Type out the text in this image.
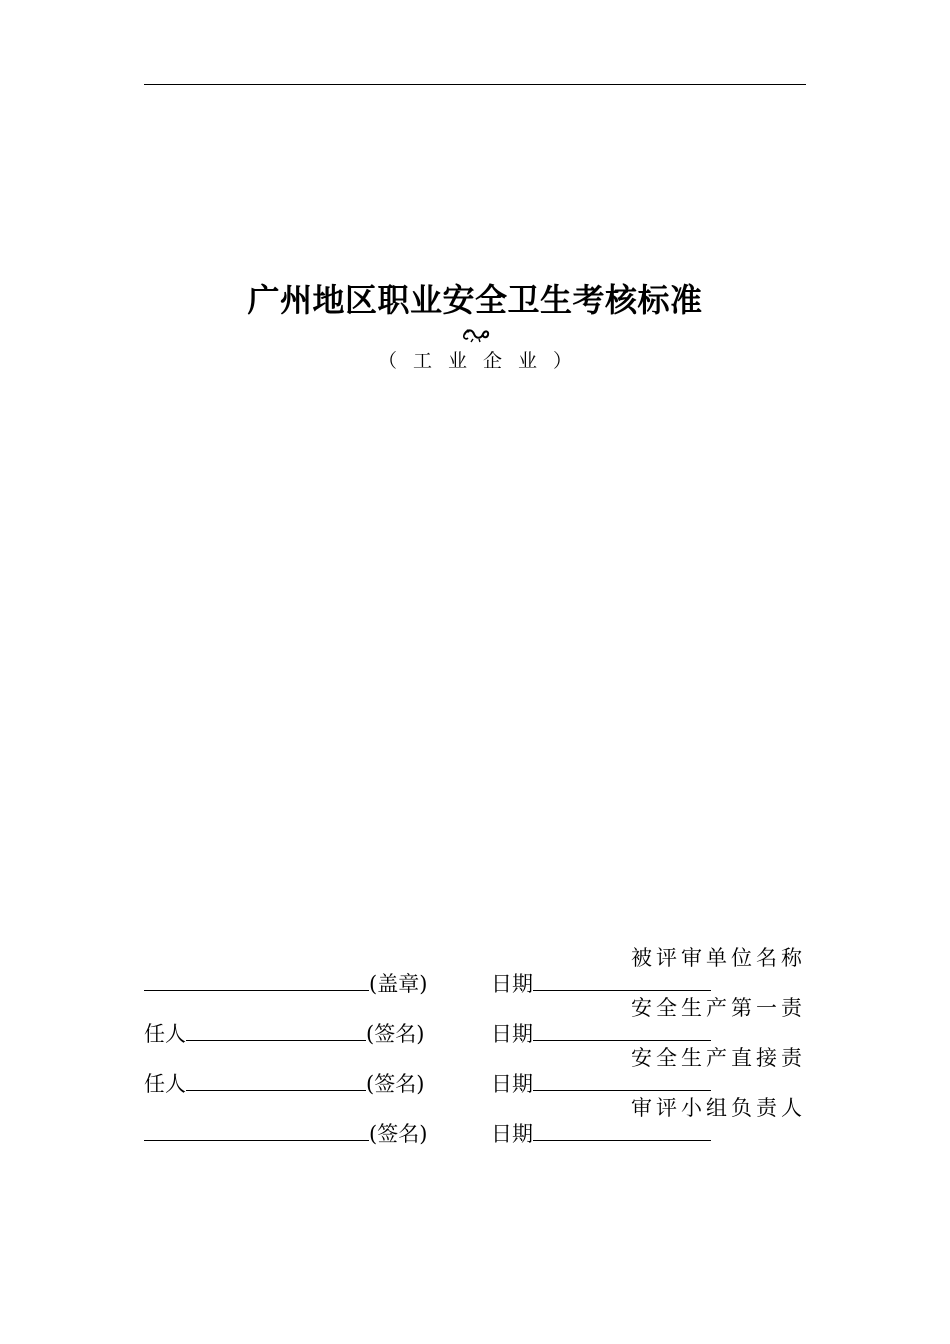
广州地区职业安全卫生考核标准
（ 工 业 企 业 ）
被评审单位名称
(盖章)	日期
安全生产第一责
任人	(签名)	日期
安全生产直接责
任人	(签名)	日期
审评小组负责人
(签名)	日期
